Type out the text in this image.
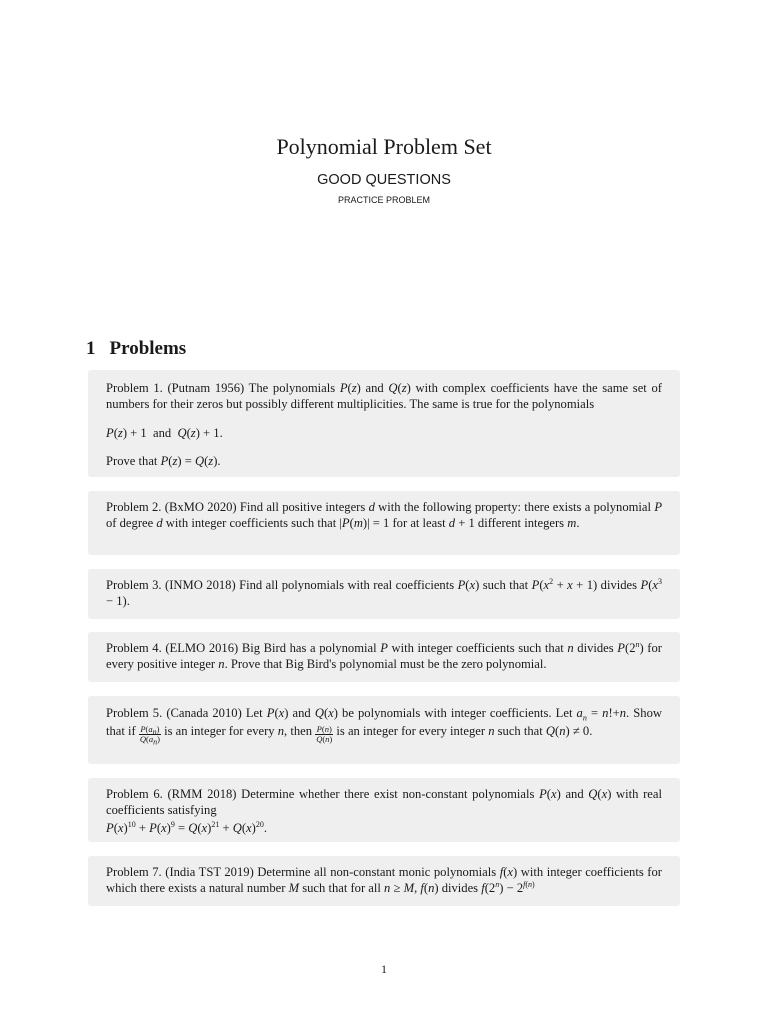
Polynomial Problem Set
GOOD QUESTIONS
PRACTICE PROBLEM
1 Problems

Problem 1. (Putnam 1956) The polynomials P(z) and Q(z) with complex coefficients have the same set of numbers for their zeros but possibly different multiplicities. The same is true for the polynomials

P(z) + 1  and  Q(z) + 1.

Prove that P(z) = Q(z).

Problem 2. (BxMO 2020) Find all positive integers d with the following property: there exists a polynomial P of degree d with integer coefficients such that |P(m)| = 1 for at least d + 1 different integers m.

Problem 3. (INMO 2018) Find all polynomials with real coefficients P(x) such that $P(x^2 + x + 1)$ divides $P(x^3 - 1)$.

Problem 4. (ELMO 2016) Big Bird has a polynomial P with integer coefficients such that n divides P(2$^n$) for every positive integer n. Prove that Big Bird's polynomial must be the zero polynomial.

Problem 5. (Canada 2010) Let P(x) and Q(x) be polynomials with integer coefficients. Let $a_n = n!+n$. Show that if $\frac{P(a_n)}{Q(a_n)}$ is an integer for every n, then $\frac{P(n)}{Q(n)}$ is an integer for every integer n such that Q(n) ≠ 0.

Problem 6. (RMM 2018) Determine whether there exist non-constant polynomials P(x) and Q(x) with real coefficients satisfying

$P(x)^{10} + P(x)^9 = Q(x)^{21} + Q(x)^{20}$.

Problem 7. (India TST 2019) Determine all non-constant monic polynomials f(x) with integer coefficients for which there exists a natural number M such that for all n ≥ M, f(n) divides $f(2^n) - 2^{f(n)}$

1
